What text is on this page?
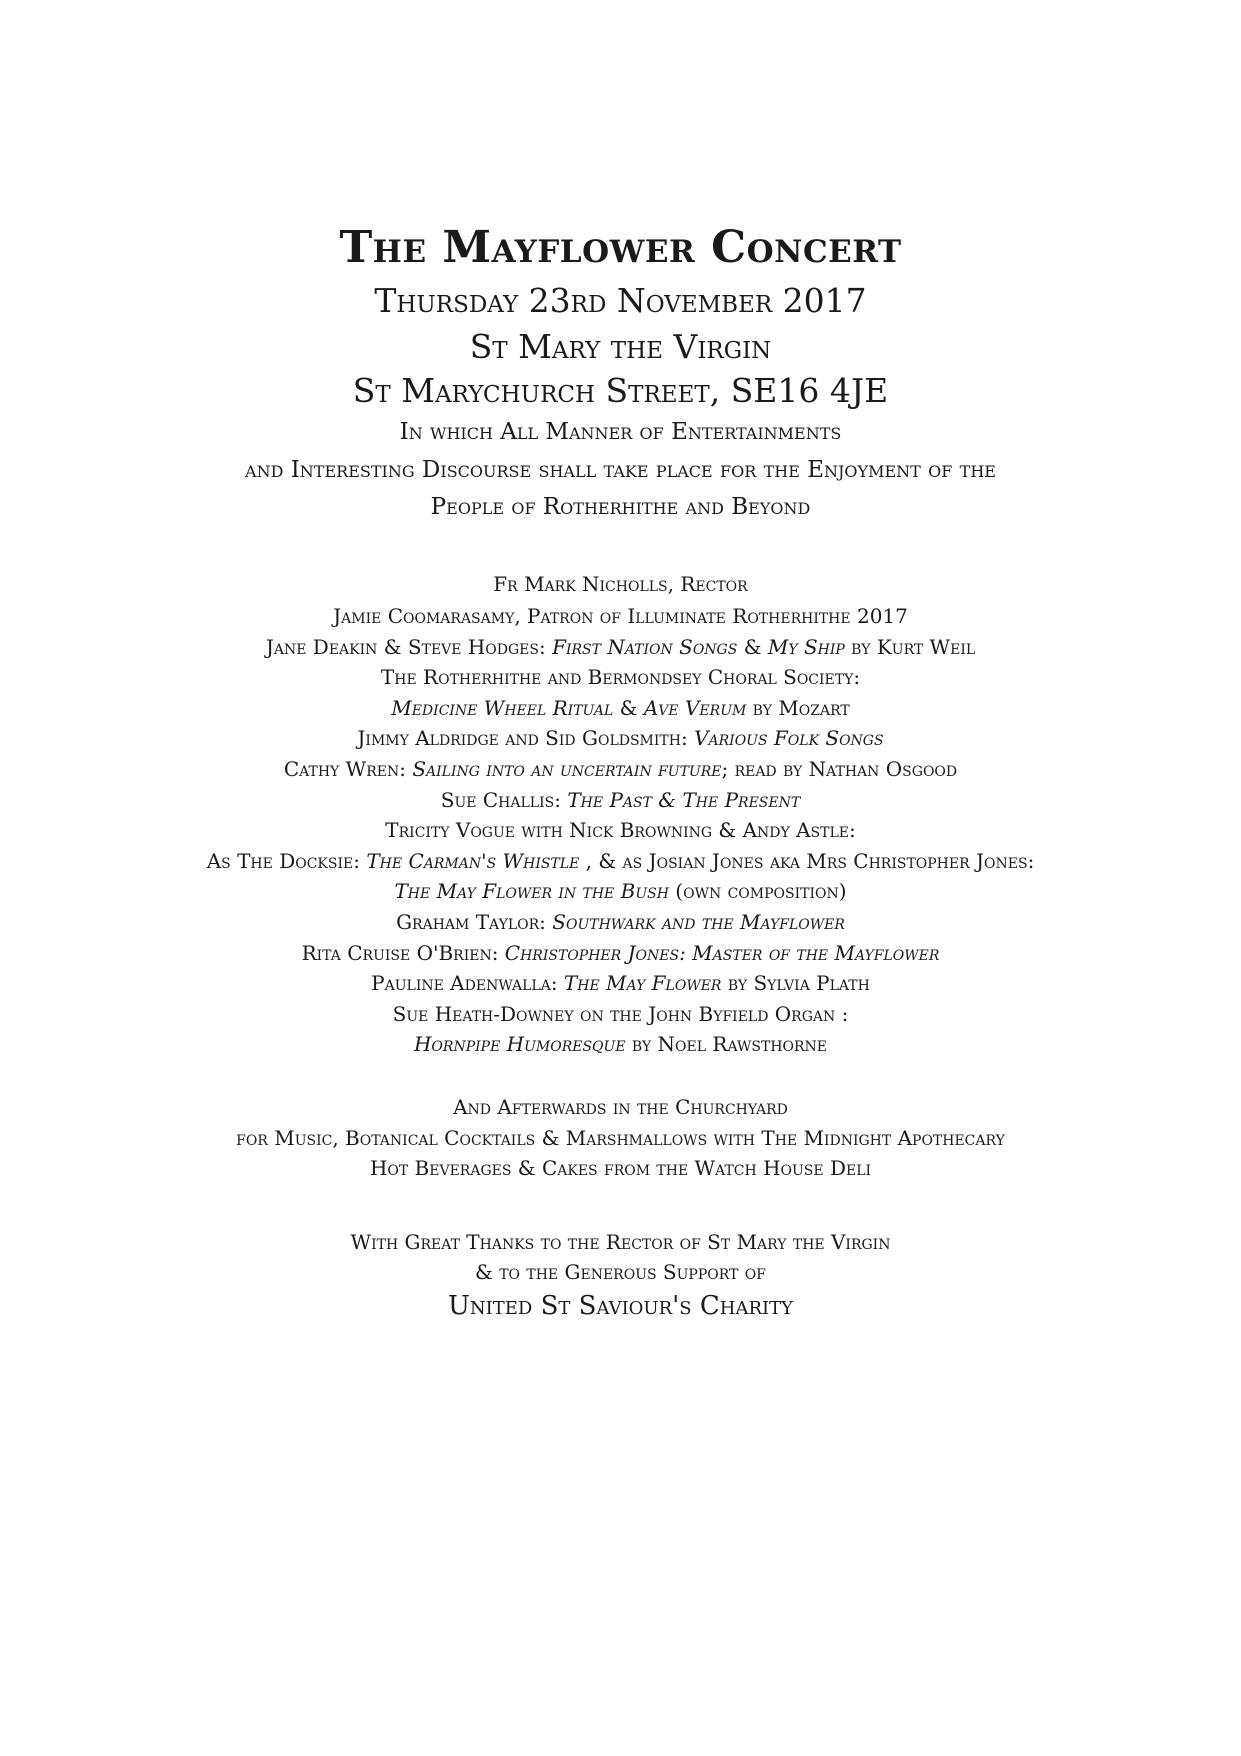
The Mayflower Concert
Thursday 23rd November 2017
St Mary the Virgin
St Marychurch Street, SE16 4JE
In which All Manner of Entertainments
and Interesting Discourse shall take place for the Enjoyment of the
People of Rotherhithe and Beyond
Fr Mark Nicholls, Rector
Jamie Coomarasamy, Patron of Illuminate Rotherhithe 2017
Jane Deakin & Steve Hodges: First Nation Songs & My Ship by Kurt Weil
The Rotherhithe and Bermondsey Choral Society:
Medicine Wheel Ritual & Ave Verum by Mozart
Jimmy Aldridge and Sid Goldsmith: Various Folk Songs
Cathy Wren: Sailing into an uncertain future; read by Nathan Osgood
Sue Challis: The Past & The Present
Tricity Vogue with Nick Browning & Andy Astle:
As The Docksie: The Carman's Whistle , & as Josian Jones aka Mrs Christopher Jones:
The May Flower in the Bush (own composition)
Graham Taylor: Southwark and the Mayflower
Rita Cruise O'Brien: Christopher Jones: Master of the Mayflower
Pauline Adenwalla: The May Flower by Sylvia Plath
Sue Heath-Downey on the John Byfield Organ :
Hornpipe Humoresque by Noel Rawsthorne
And Afterwards in the Churchyard
for Music, Botanical Cocktails & Marshmallows with The Midnight Apothecary
Hot Beverages & Cakes from the Watch House Deli
With Great Thanks to the Rector of St Mary the Virgin
& to the Generous Support of
United St Saviour's Charity
